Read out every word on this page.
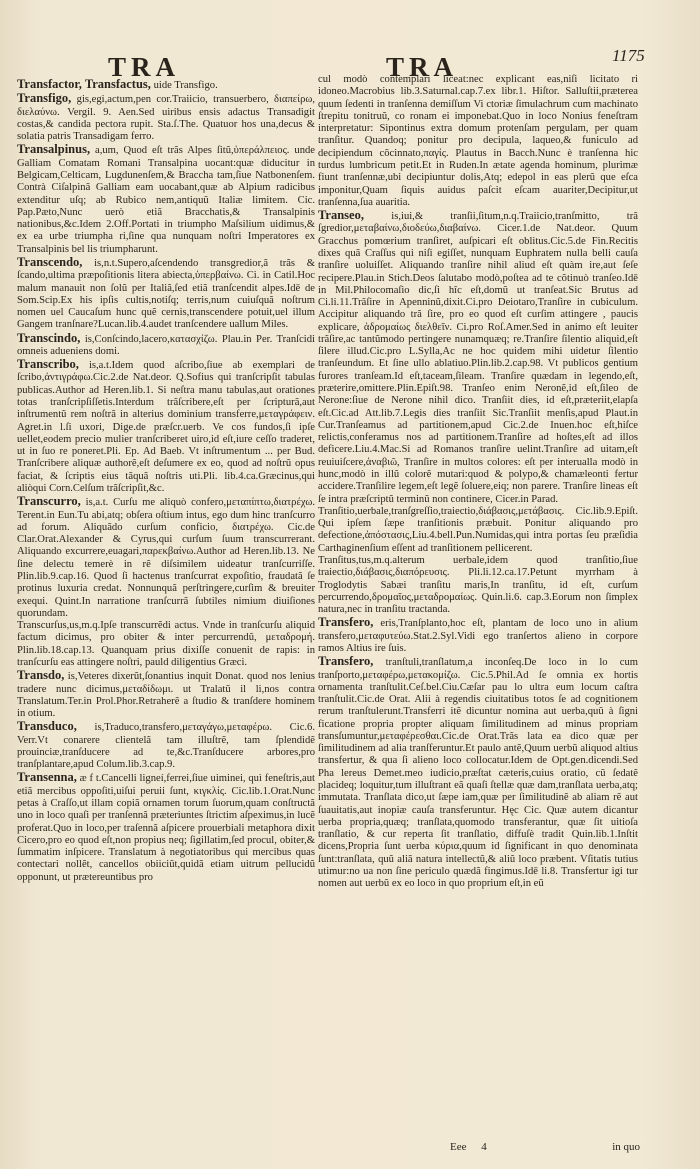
TRA	TRA	1175

Transfactor, Transfactus, uide Transfigo.

Transfigo, gis,egi,actum,pen cor.Traiicio, transuerbero, διαπείρω, διελαύνω. Vergil. 9. Aen.Sed uiribus ensis adactus Transadigit costas,& candida pectora rupit. Sta.ſ.The. Quatuor hos una,decus & solatia patris Transadigam ferro.

Transalpinus, a,um, Quod eſt trãs Alpes ſitũ,ὑπεράλπειος. unde Galliam Comatam Romani Transalpina uocant:quæ diducitur in Belgicam,Celticam, Lugdunenſem,& Braccha tam,ſiue Natbonenſem. Contrà Ciſalpinã Galliam eam uocabant,quæ ab Alpium radicibus extenditur uſq; ab Rubico nem,antiquũ Italiæ limitem. Cic. Pap.Pæto,Nunc uerò etiã Bracchatis,& Transalpinis nationibus,&c.Idem 2.Off.Portati in triumpho Maſsilium uidimus,& ex ea urbe triumpha ri,ſine qua nunquam noſtri Imperatores ex Transalpinis bel lis triumpharunt.

Transcendo, is,n.t.Supero,aſcendendo transgredior,ã trãs & ſcando,ultima præpoſitionis litera abiecta,ὑπερβαίνω. Ci. in Catil.Hoc malum manauit non ſolũ per Italiã,ſed etiã tranſcendit alpes.Idē de Som.Scip.Ex his ipſis cultis,notiſq; terris,num cuiuſquã noſtrum nomen uel Caucaſum hunc quẽ cernis,transcendere potuit,uel illum Gangem tranſnare?Lucan.lib.4.audet tranſcendere uallum Miles.

Transcindo, is,Conſcindo,lacero,κατασχίζω. Plau.in Per. Tranſcidi omneis adueniens domi.

Transcribo, is,a.t.Idem quod aſcribo,ſiue ab exemplari de ſcribo,ἀντιγράφω.Cic.2.de Nat.deor. Q.Sofius qui tranſcripſit tabulas publicas.Author ad Heren.lib.1. Si neſtra manu tabulas,aut orationes totas tranſcripſiſſetis.Interdum trãſcribere,eſt per ſcripturã,aut inſtrumentũ rem noſtrã in alterius dominium transferre,μεταγράφειν. Agret.in l.ſi uxori, Dige.de præſcr.uerb. Ve cos fundos,ſi ipſe uellet,eodem precio mulier tranſcriberet uiro,id eſt,iure ceſſo traderet, ut in ſuo re poneret.Pli. Ep. Ad Baeb. Vt inſtrumentum ... per Bud. Tranſcribere aliquæ authorẽ,eſt deſumere ex eo, quod ad noſtrũ opus faciat, & ſcriptis eius tãquã noſtris uti.Pli. lib.4.ca.Græcinus,qui aliòqui Corn.Celſum trãſcripſit,&c.

Transcurro, is,a.t. Curſu me aliquò confero,μεταπίπτω,διατρέχω. Terent.in Eun.Tu abi,atq; obſera oſtium intus, ego dum hinc tranſcurro ad forum. Aliquãdo curſum conficio, διατρέχω. Cic.de Clar.Orat.Alexander & Cyrus,qui curſum ſuum transcurrerant. Aliquando excurrere,euagari,παρεκβαίνω.Author ad Heren.lib.13. Ne ſine delectu temerè in rẽ diſsimilem uideatur tranſcurriſſe. Plin.lib.9.cap.16. Quod ſi hactenus tranſcurrat expoſitio, fraudatã ſe protinus luxuria credat. Nonnunquã perſtringere,curſim & breuiter exequi. Quint.In narratione tranſcurrã ſubtiles nimium diuiſiones quorundam.

Transcurſus,us,m.q.Ipſe transcurrẽdi actus. Vnde in tranſcurſu aliquid factum dicimus, pro obiter & inter percurrendũ, μεταδρομή. Plin.lib.18.cap.13. Quanquam prius dixiſſe conuenit de rapis: in tranſcurſu eas attingere noſtri, pauld diligentius Græci.

Transdo, is,Veteres dixerũt,ſonantius inquit Donat. quod nos lenius tradere nunc dicimus,μεταδίδωμι. ut Tralatũ il li,nos contra Translatum.Ter.in Prol.Phor.Retraherẽ a ſtudio & tranſdere hominem in otium.

Transduco, is,Traduco,transfero,μεταγάγω,μεταφέρω. Cic.6. Verr.Vt conarere clientelã tam illuſtrẽ, tam ſplendidẽ prouinciæ,tranſducere ad te,&c.Tranſducere arbores,pro tranſplantare,apud Colum.lib.3.cap.9.

Transenna, æ f t.Cancelli ligneí,ferrei,ſiue uiminei, quì feneſtris,aut etiã mercibus oppoſiti,uiſui peruii ſunt, κιγκλίς. Cic.lib.1.Orat.Nunc petas à Craſſo,ut illam copiã ornamen torum ſuorum,quam conſtructã uno in loco quaſi per tranſennã præteriuntes ſtrictim aſpeximus,in lucẽ proferat.Quo in loco,per traſennã aſpicere prouerbiali metaphora dixit Cicero,pro eo quod eſt,non propius neq; ſigillatim,ſed procul, obiter,& ſummatim inſpicere. Translatum à negotiatoribus qui mercibus quas contectari nollẽt, cancellos obiiciũt,quidã etiam uitrum pellucidũ opponunt, ut prætereuntibus pro

cul modò contemplari liceat:nec explicant eas,niſi licitato ri idoneo.Macrobius lib.3.Saturnal.cap.7.ex libr.1. Hiſtor. Salluſtii,præterea quum ſedenti in tranſenna demiſſum Vi ctoriæ ſimulachrum cum machinato ſtrepitu tonitruũ, co ronam ei imponebat.Quo in loco Nonius feneſtram interpretatur: Sipontinus extra domum protenſam pergulam, per quam tranſitur. Quandoq; ponitur pro decipula, laqueo,& funiculo ad decipiendum cõcinnato,παγίς. Plautus in Bacch.Nunc è tranſenna hic turdus lumbricum petit.Et in Ruden.In ætate agenda hominum, plurimæ fiunt tranſennæ,ubi decipiuntur dolis,Atq; edepol in eas plerũ que eſca imponitur,Quam ſiquis auidus paſcit eſcam auariter,Decipitur,ut tranſenna,ſua auaritia.

Transeo,	is,iui,& tranſii,ſitum,n.q.Traiicio,tranſmitto, trã ſgredior,μεταβαίνω,διοδεύω,διαβαίνω. Cicer.1.de Nat.deor. Quum Gracchus pomœrium tranſiret, auſpicari eſt oblitus.Cic.5.de Fin.Recitis dixes quã Craſſus qui niſi egiſſet, nunquam Euphratem nulla belli cauſa tranſire uoluiſſet. Aliquando tranſire nihil aliud eſt quàm ire,aut ſeſe recipere.Plau.in Stich.Deos ſalutabo modò,poſtea ad te cõtinuò tranſeo.Idē in Mil.Philocomaſio dic,ſi hîc eſt,domũ ut tranſeat.Sic Brutus ad Ci.li.11.Trãſire in Apenninũ,dixit.Ci.pro Deiotaro,Tranſire in cubiculum. Accipitur aliquando trã ſire, pro eo quod eſt curſim attingere , paucis explicare, ἀδρομαίως διελθεῖν. Ci.pro Roſ.Amer.Sed in animo eſt leuiter trãſire,ac tantũmodo pertingere nunamquæq; re.Tranſire ſilentio aliquid,eſt ſilere illud.Cic.pro L.Sylla,Ac ne hoc quidem mihi uidetur ſilentio tranſeundum. Et ſine ullo ablatiuo.Plin.lib.2.cap.98. Vt publicos gentium furores tranſeam.Id eſt,taceam,ſileam. Tranſire quædam in legendo,eſt, præterire,omittere.Plin.Epiſt.98. Tranſeo enim Neronẽ,id eſt,ſileo de Nerone:ſiue de Nerone nihil dico. Tranſiit dies, id eſt,præteriit,elapſa eſt.Cic.ad Att.lib.7.Legis dies tranſiit Sic.Tranſiit menſis,apud Plaut.in Cur.Tranſeamus ad partitionem,apud Cic.2.de Inuen.hoc eſt,hiſce relictis,conferamus nos ad partitionem.Tranſire ad hoſtes,eſt ad illos deficere.Liu.4.Mac.Si ad Romanos tranſire uelint.Tranſire ad uitam,eſt reuiuiſcere,ἀναβιῶ, Tranſire in multos colores: eſt per interualla modò in hunc,modò in illũ colorẽ mutari:quod & polypo,& chamæleonti fertur accidere.Tranſilire legem,eſt legẽ ſoluere,eiq; non parere. Tranſire lineas eſt ſe intra præſcriptũ terminũ non continere, Cicer.in Parad.

Tranſitio,uerbale,tranſgreſſio,traiectio,διάβασις,μετάβασις. Cic.lib.9.Epiſt. Qui ipſem ſæpe tranſitionis præbuit. Ponitur aliquando pro defectione,ἀπόστασις,Liu.4.bell.Pun.Numidas,qui intra portas ſeu præſidia Carthaginenſium eſſent ad tranſitionem pellicerent.

Tranſitus,tus,m.q.alterum uerbale,idem quod tranſitio,ſiue traiectio,διάβασις,διαπόρευσις. Pli.li.12.ca.17.Petunt myrrham à Troglodytis Sabæi tranſitu maris,In tranſitu, id eſt, curſum percurrendo,δρομαῖος,μεταδρομαίως. Quin.li.6. cap.3.Eorum non ſimplex natura,nec in tranſitu tractanda.

Transfero, eris,Tranſplanto,hoc eſt, plantam de loco uno in alium transfero,μεταφυτεύω.Stat.2.Syl.Vidi ego tranſertos alieno in corpore ramos Altius ire ſuis.

Transfero, tranſtuli,tranſlatum,a inconſeq.De loco in lo cum tranſporto,μεταφέρω,μετακομίζω. Cic.5.Phil.Ad ſe omnia ex hortis ornamenta tranſtulit.Ceſ.bel.Ciu.Cæſar pau lo ultra eum locum caſtra tranſtulit.Cic.de Orat. Alii à regendis ciuitatibus totos ſe ad cognitionem rerum tranſtulerunt.Transferri itẽ dicuntur nomina aut uerba,quũ à ſigni ficatione propria propter aliquam ſimilitudinem ad minus propriam transſumuntur,μεταφέρεσθαι.Cic.de Orat.Trãs lata ea dico quæ per ſimilitudinem ad alia tranſferuntur.Et paulo antẽ,Quum uerbũ aliquod altius transfertur, & qua ſi alieno loco collocatur.Idem de Opt.gen.dicendi.Sed Pha lereus Demet.meo iudicio,præſtat cæteris,cuius oratio, cũ ſedatẽ placideq; loquitur,tum illuſtrant eã quaſi ſtellæ quæ dam,tranſlata uerba,atq; immutata. Tranſlata dico,ut ſæpe iam,quæ per ſimilitudinẽ ab aliam rẽ aut ſuauitatis,aut inopiæ cauſa transferuntur. Hęc Cic. Quæ autem dicantur uerba propria,quæq; tranſlata,quomodo transferantur, quæ ſit uitioſa tranſlatio, & cur reperta ſit tranſlatio, diffuſè tradit Quin.lib.1.Inſtit dicens,Propria ſunt uerba κύρια,quum id ſignificant in quo denominata ſunt:tranſlata, quũ aliã natura intellectũ,& aliũ loco præbent. Vſitatis tutius utimur:no ua non ſine periculo quædã fingimus.Idē li.8. Transfertur igi tur nomen aut uerbũ ex eo loco in quo proprium eſt,in eũ

Eee 4	in quo
